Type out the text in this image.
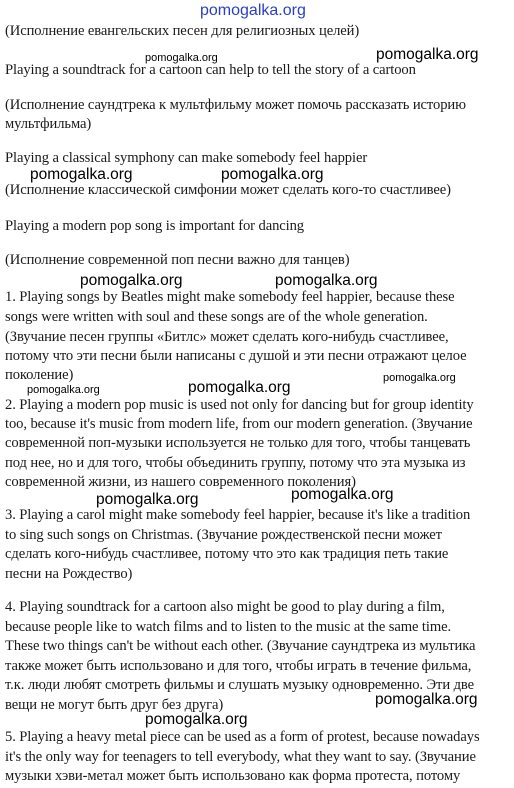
pomogalka.org
pomogalka.org	pomogalka.org
pomogalka.org	pomogalka.org
pomogalka.org	pomogalka.org
pomogalka.org	pomogalka.org
pomogalka.org
pomogalka.org	pomogalka.org
pomogalka.org
pomogalka.org

(Исполнение евангельских песен для религиозных целей)

Playing a soundtrack for a cartoon can help to tell the story of a cartoon

(Исполнение саундтрека к мультфильму может помочь рассказать историю

мультфильма)

Playing a classical symphony can make somebody feel happier

(Исполнение классической симфонии может сделать кого-то счастливее)

Playing a modern pop song is important for dancing

(Исполнение современной поп песни важно для танцев)

1. Playing songs by Beatles might make somebody feel happier, because these

songs were written with soul and these songs are of the whole generation.

(Звучание песен группы «Битлс» может сделать кого-нибудь счастливее,

потому что эти песни были написаны с душой и эти песни отражают целое

поколение)

2. Playing a modern pop music is used not only for dancing but for group identity

too, because it's music from modern life, from our modern generation. (Звучание

современной поп-музыки используется не только для того, чтобы танцевать

под нее, но и для того, чтобы объединить группу, потому что эта музыка из

современной жизни, из нашего современного поколения)

3. Playing a carol might make somebody feel happier, because it's like a tradition

to sing such songs on Christmas. (Звучание рождественской песни может

сделать кого-нибудь счастливее, потому что это как традиция петь такие

песни на Рождество)

4. Playing soundtrack for a cartoon also might be good to play during a film,

because people like to watch films and to listen to the music at the same time.

These two things can't be without each other. (Звучание саундтрека из мультика

также может быть использовано и для того, чтобы играть в течение фильма,

т.к. люди любят смотреть фильмы и слушать музыку одновременно. Эти две

вещи не могут быть друг без друга)

5. Playing a heavy metal piece can be used as a form of protest, because nowadays

it's the only way for teenagers to tell everybody, what they want to say. (Звучание

музыки хэви-метал может быть использовано как форма протеста, потому
